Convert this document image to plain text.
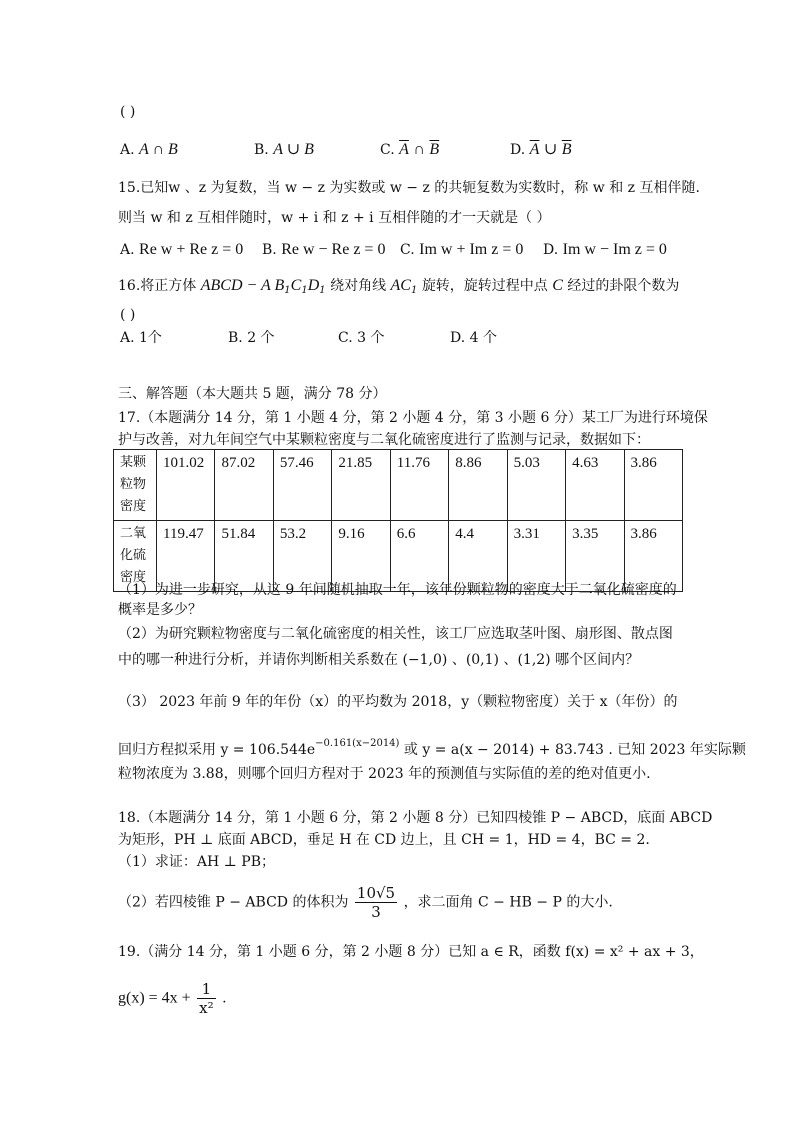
( )
A. A ∩ B	B. A ∪ B	C. $\overline{A}$ ∩ $\overline{B}$	D. $\overline{A}$ ∪ $\overline{B}$
15.已知w 、z 为复数，当 w − z 为实数或 w − z 的共轭复数为实数时，称 w 和 z 互相伴随.
则当 w 和 z 互相伴随时，w + i 和 z + i 互相伴随的才一天就是（ ）
A. Re w + Re z = 0 B. Re w − Re z = 0 C. Im w + Im z = 0 D. Im w − Im z = 0
16.将正方体 ABCD − A $B_1C_1D_1$ 绕对角线 $AC_1$ 旋转，旋转过程中点 C 经过的卦限个数为
( )
A. 1个	B. 2 个	C. 3 个	D. 4 个
三、解答题（本大题共 5 题，满分 78 分）
17.（本题满分 14 分，第 1 小题 4 分，第 2 小题 4 分，第 3 小题 6 分）某工厂为进行环境保
护与改善，对九年间空气中某颗粒密度与二氧化硫密度进行了监测与记录，数据如下：
某颗粒物密度	101.02	87.02	57.46	21.85	11.76	8.86	5.03	4.63	3.86
二氧化硫密度	119.47	51.84	53.2	9.16	6.6	4.4	3.31	3.35	3.86
（1）为进一步研究，从这 9 年间随机抽取一年，该年份颗粒物的密度大于二氧化硫密度的
概率是多少？
（2）为研究颗粒物密度与二氧化硫密度的相关性，该工厂应选取茎叶图、扇形图、散点图
中的哪一种进行分析，并请你判断相关系数在 (−1,0) 、(0,1) 、(1,2) 哪个区间内？
（3） 2023 年前 9 年的年份（x）的平均数为 2018，y（颗粒物密度）关于 x（年份）的
回归方程拟采用 $y = 106.544e^{-0.161(x-2014)}$ 或 y = a(x − 2014) + 83.743 . 已知 2023 年实际颗
粒物浓度为 3.88，则哪个回归方程对于 2023 年的预测值与实际值的差的绝对值更小.
18.（本题满分 14 分，第 1 小题 6 分，第 2 小题 8 分）已知四棱锥 P − ABCD，底面 ABCD
为矩形，PH ⊥ 底面 ABCD，垂足 H 在 CD 边上，且 CH = 1，HD = 4，BC = 2.
（1）求证：AH ⊥ PB；
（2）若四棱锥 P − ABCD 的体积为 $\frac{10√5}{3}$ ，求二面角 C − HB − P 的大小.
19.（满分 14 分，第 1 小题 6 分，第 2 小题 8 分）已知 a ∈ R，函数 f(x) = x² + ax + 3，
$g(x) = 4x + \frac{1}{\text{x²}}$ .
